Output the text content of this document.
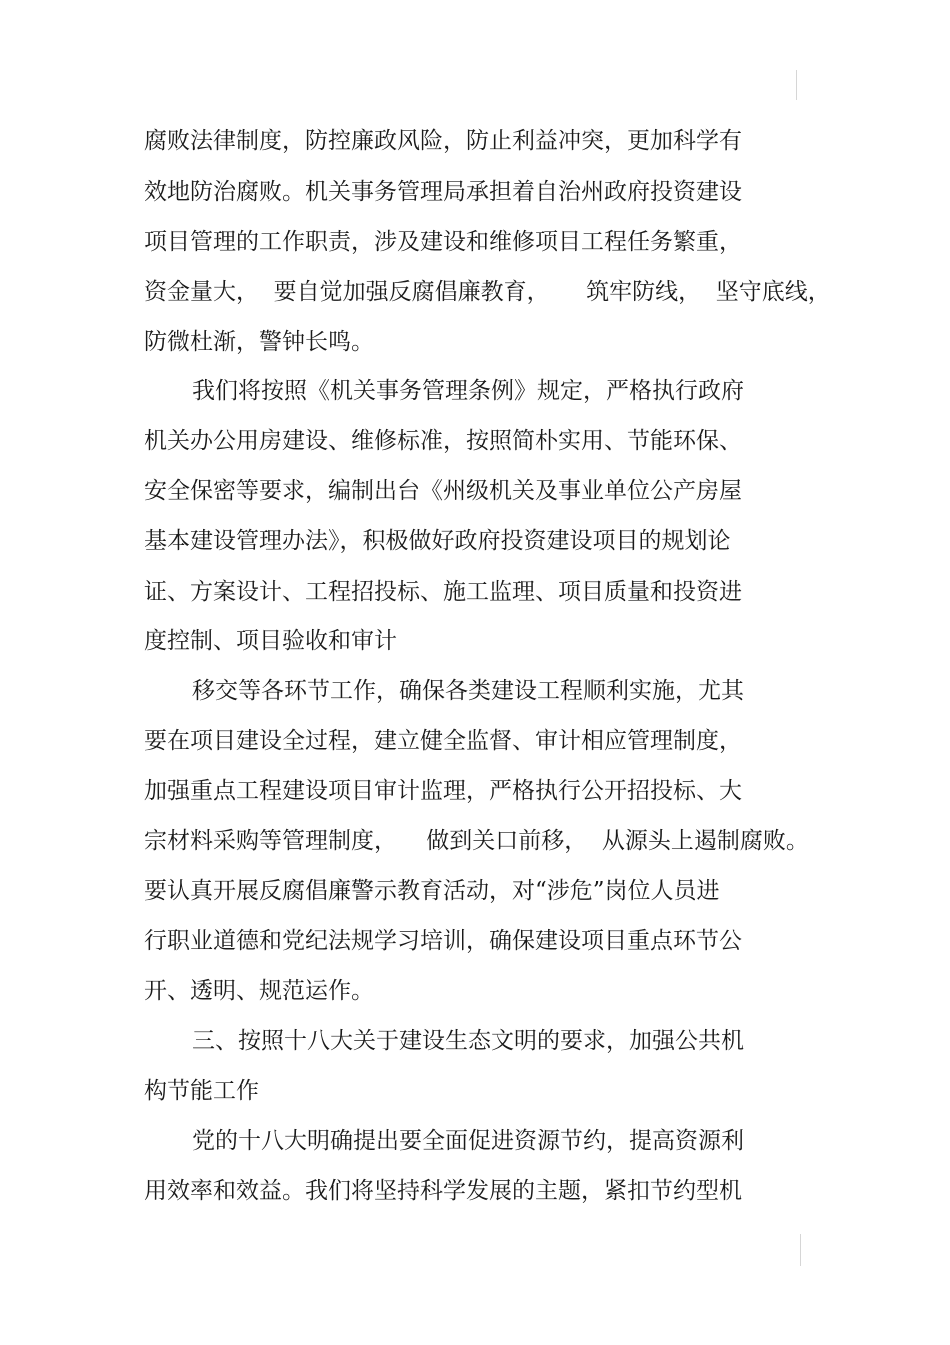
腐败法律制度，防控廉政风险，防止利益冲突，更加科学有
效地防治腐败。机关事务管理局承担着自治州政府投资建设
项目管理的工作职责，涉及建设和维修项目工程任务繁重，
资金量大，  要自觉加强反腐倡廉教育，     筑牢防线，  坚守底线，
防微杜渐，警钟长鸣。
我们将按照《机关事务管理条例》规定，严格执行政府
机关办公用房建设、维修标准，按照简朴实用、节能环保、
安全保密等要求，编制出台《州级机关及事业单位公产房屋
基本建设管理办法》，积极做好政府投资建设项目的规划论
证、方案设计、工程招投标、施工监理、项目质量和投资进
度控制、项目验收和审计
移交等各环节工作，确保各类建设工程顺利实施，尤其
要在项目建设全过程，建立健全监督、审计相应管理制度，
加强重点工程建设项目审计监理，严格执行公开招投标、大
宗材料采购等管理制度，    做到关口前移，  从源头上遏制腐败。
要认真开展反腐倡廉警示教育活动，对“涉危”岗位人员进
行职业道德和党纪法规学习培训，确保建设项目重点环节公
开、透明、规范运作。
三、按照十八大关于建设生态文明的要求，加强公共机
构节能工作
党的十八大明确提出要全面促进资源节约，提高资源利
用效率和效益。我们将坚持科学发展的主题，紧扣节约型机
